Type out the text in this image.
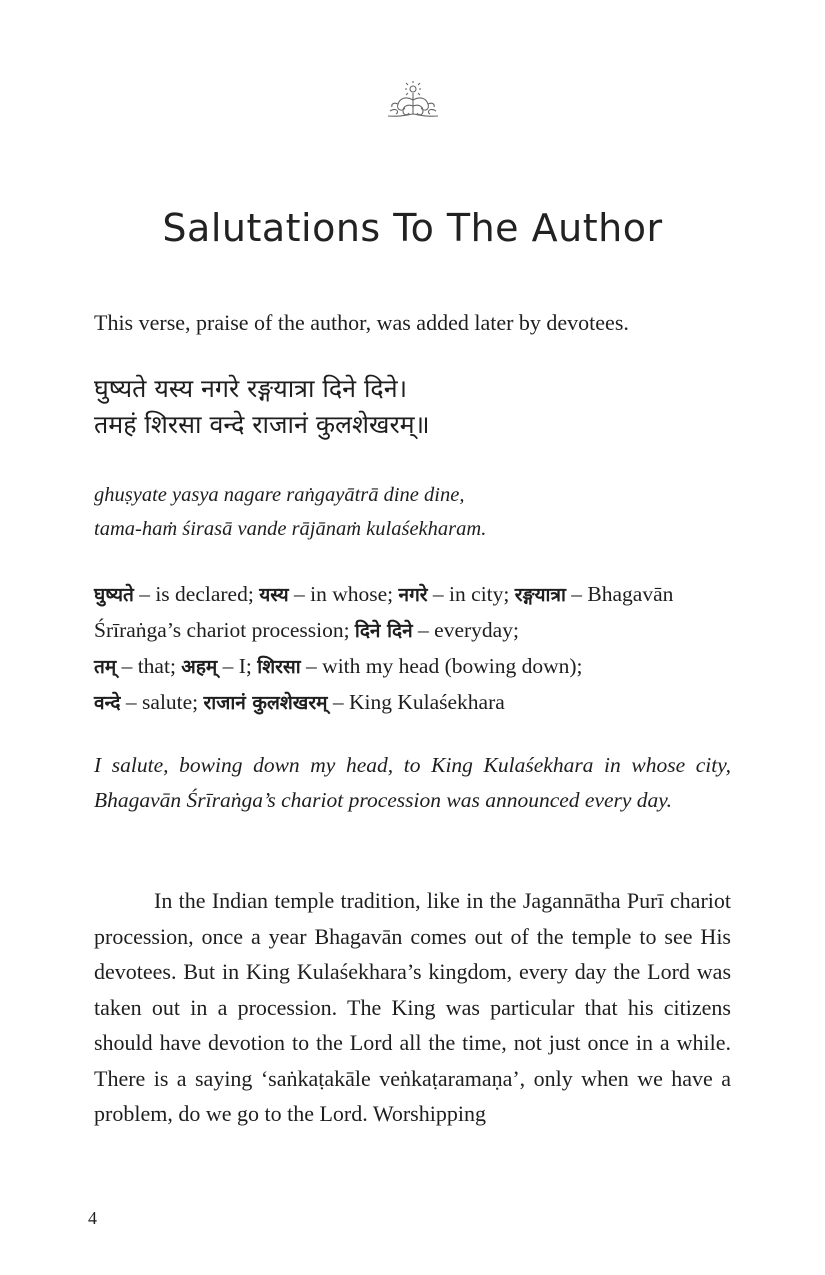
Salutations To The Author
This verse, praise of the author, was added later by devotees.

घुष्यते यस्य नगरे रङ्गयात्रा दिने दिने।

तमहं शिरसा वन्दे राजानं कुलशेखरम्॥

ghuṣyate yasya nagare raṅgayātrā dine dine,

tama-haṁ śirasā vande rājānaṁ kulaśekharam.

घुष्यते – is declared; यस्य – in whose; नगरे – in city; रङ्गयात्रा – Bhagavān Śrīraṅga’s chariot procession; दिने दिने – everyday;
तम् – that; अहम् – I; शिरसा – with my head (bowing down);
वन्दे – salute; राजानं कुलशेखरम् – King Kulaśekhara
I salute, bowing down my head, to King Kulaśekhara in whose city, Bhagavān Śrīraṅga’s chariot procession was announced every day.
In the Indian temple tradition, like in the Jagannātha Purī chariot procession, once a year Bhagavān comes out of the temple to see His devotees. But in King Kulaśekhara’s kingdom, every day the Lord was taken out in a procession. The King was particular that his citizens should have devotion to the Lord all the time, not just once in a while. There is a saying ‘saṅkaṭakāle veṅkaṭaramaṇa’, only when we have a problem, do we go to the Lord. Worshipping
4
